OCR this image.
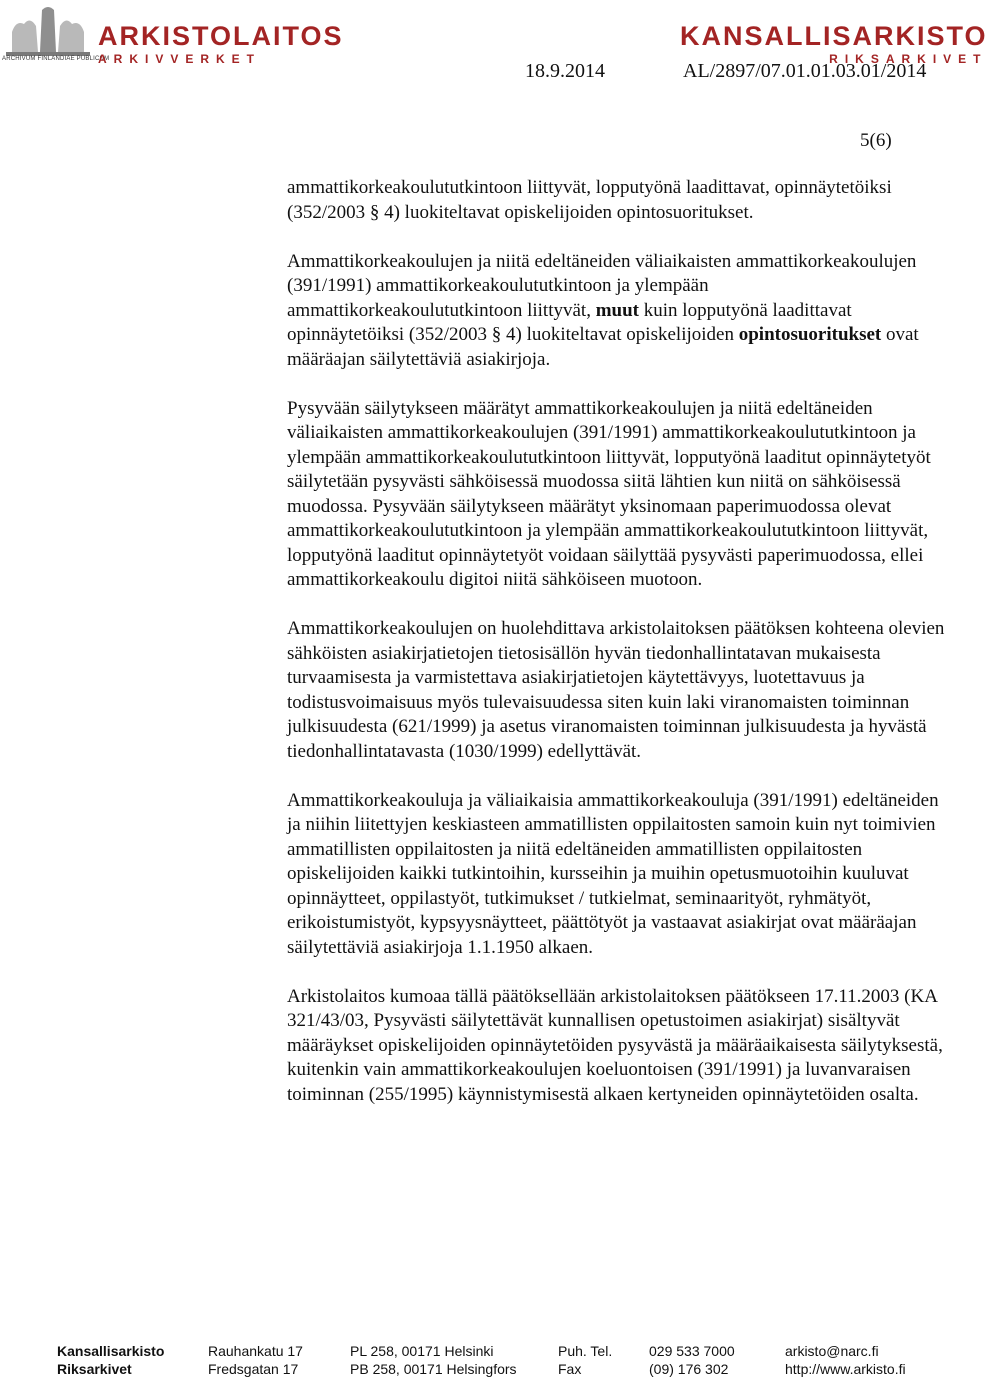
ARCHIVUM FINLANDIAE PUBLICUM
ARKISTOLAITOS
ARKIVVERKET
KANSALLISARKISTO
RIKSARKIVET
18.9.2014	AL/2897/07.01.01.03.01/2014
5(6)

ammattikorkeakoulututkintoon liittyvät, lopputyönä laadittavat, opinnäytetöiksi (352/2003 § 4) luokiteltavat opiskelijoiden opintosuoritukset.

Ammattikorkeakoulujen ja niitä edeltäneiden väliaikaisten ammattikorkeakoulujen (391/1991) ammattikorkeakoulututkintoon ja ylempään ammattikorkeakoulututkintoon liittyvät, muut kuin lopputyönä laadittavat opinnäytetöiksi (352/2003 § 4) luokiteltavat opiskelijoiden opintosuoritukset ovat määräajan säilytettäviä asiakirjoja.

Pysyvään säilytykseen määrätyt ammattikorkeakoulujen ja niitä edeltäneiden väliaikaisten ammattikorkeakoulujen (391/1991) ammattikorkeakoulututkintoon ja ylempään ammattikorkeakoulututkintoon liittyvät, lopputyönä laaditut opinnäytetyöt säilytetään pysyvästi sähköisessä muodossa siitä lähtien kun niitä on sähköisessä muodossa. Pysyvään säilytykseen määrätyt yksinomaan paperimuodossa olevat ammattikorkeakoulututkintoon ja ylempään ammattikorkeakoulututkintoon liittyvät, lopputyönä laaditut opinnäytetyöt voidaan säilyttää pysyvästi paperimuodossa, ellei ammattikorkeakoulu digitoi niitä sähköiseen muotoon.

Ammattikorkeakoulujen on huolehdittava arkistolaitoksen päätöksen kohteena olevien sähköisten asiakirjatietojen tietosisällön hyvän tiedonhallintatavan mukaisesta turvaamisesta ja varmistettava asiakirjatietojen käytettävyys, luotettavuus ja todistusvoimaisuus myös tulevaisuudessa siten kuin laki viranomaisten toiminnan julkisuudesta (621/1999) ja asetus viranomaisten toiminnan julkisuudesta ja hyvästä tiedonhallintatavasta (1030/1999) edellyttävät.

Ammattikorkeakouluja ja väliaikaisia ammattikorkeakouluja (391/1991) edeltäneiden ja niihin liitettyjen keskiasteen ammatillisten oppilaitosten samoin kuin nyt toimivien ammatillisten oppilaitosten ja niitä edeltäneiden ammatillisten oppilaitosten opiskelijoiden kaikki tutkintoihin, kursseihin ja muihin opetusmuotoihin kuuluvat opinnäytteet, oppilastyöt, tutkimukset / tutkielmat, seminaarityöt, ryhmätyöt, erikoistumistyöt, kypsyysnäytteet, päättötyöt ja vastaavat asiakirjat ovat määräajan säilytettäviä asiakirjoja 1.1.1950 alkaen.

Arkistolaitos kumoaa tällä päätöksellään arkistolaitoksen päätökseen 17.11.2003 (KA 321/43/03, Pysyvästi säilytettävät kunnallisen opetustoimen asiakirjat) sisältyvät määräykset opiskelijoiden opinnäytetöiden pysyvästä ja määräaikaisesta säilytyksestä, kuitenkin vain ammattikorkeakoulujen koeluontoisen (391/1991) ja luvanvaraisen toiminnan (255/1995) käynnistymisestä alkaen kertyneiden opinnäytetöiden osalta.

Kansallisarkisto	Rauhankatu 17	PL 258, 00171 Helsinki	Puh. Tel.	029 533 7000	arkisto@narc.fi
Riksarkivet	Fredsgatan 17	PB 258, 00171 Helsingfors	Fax	(09) 176 302	http://www.arkisto.fi
